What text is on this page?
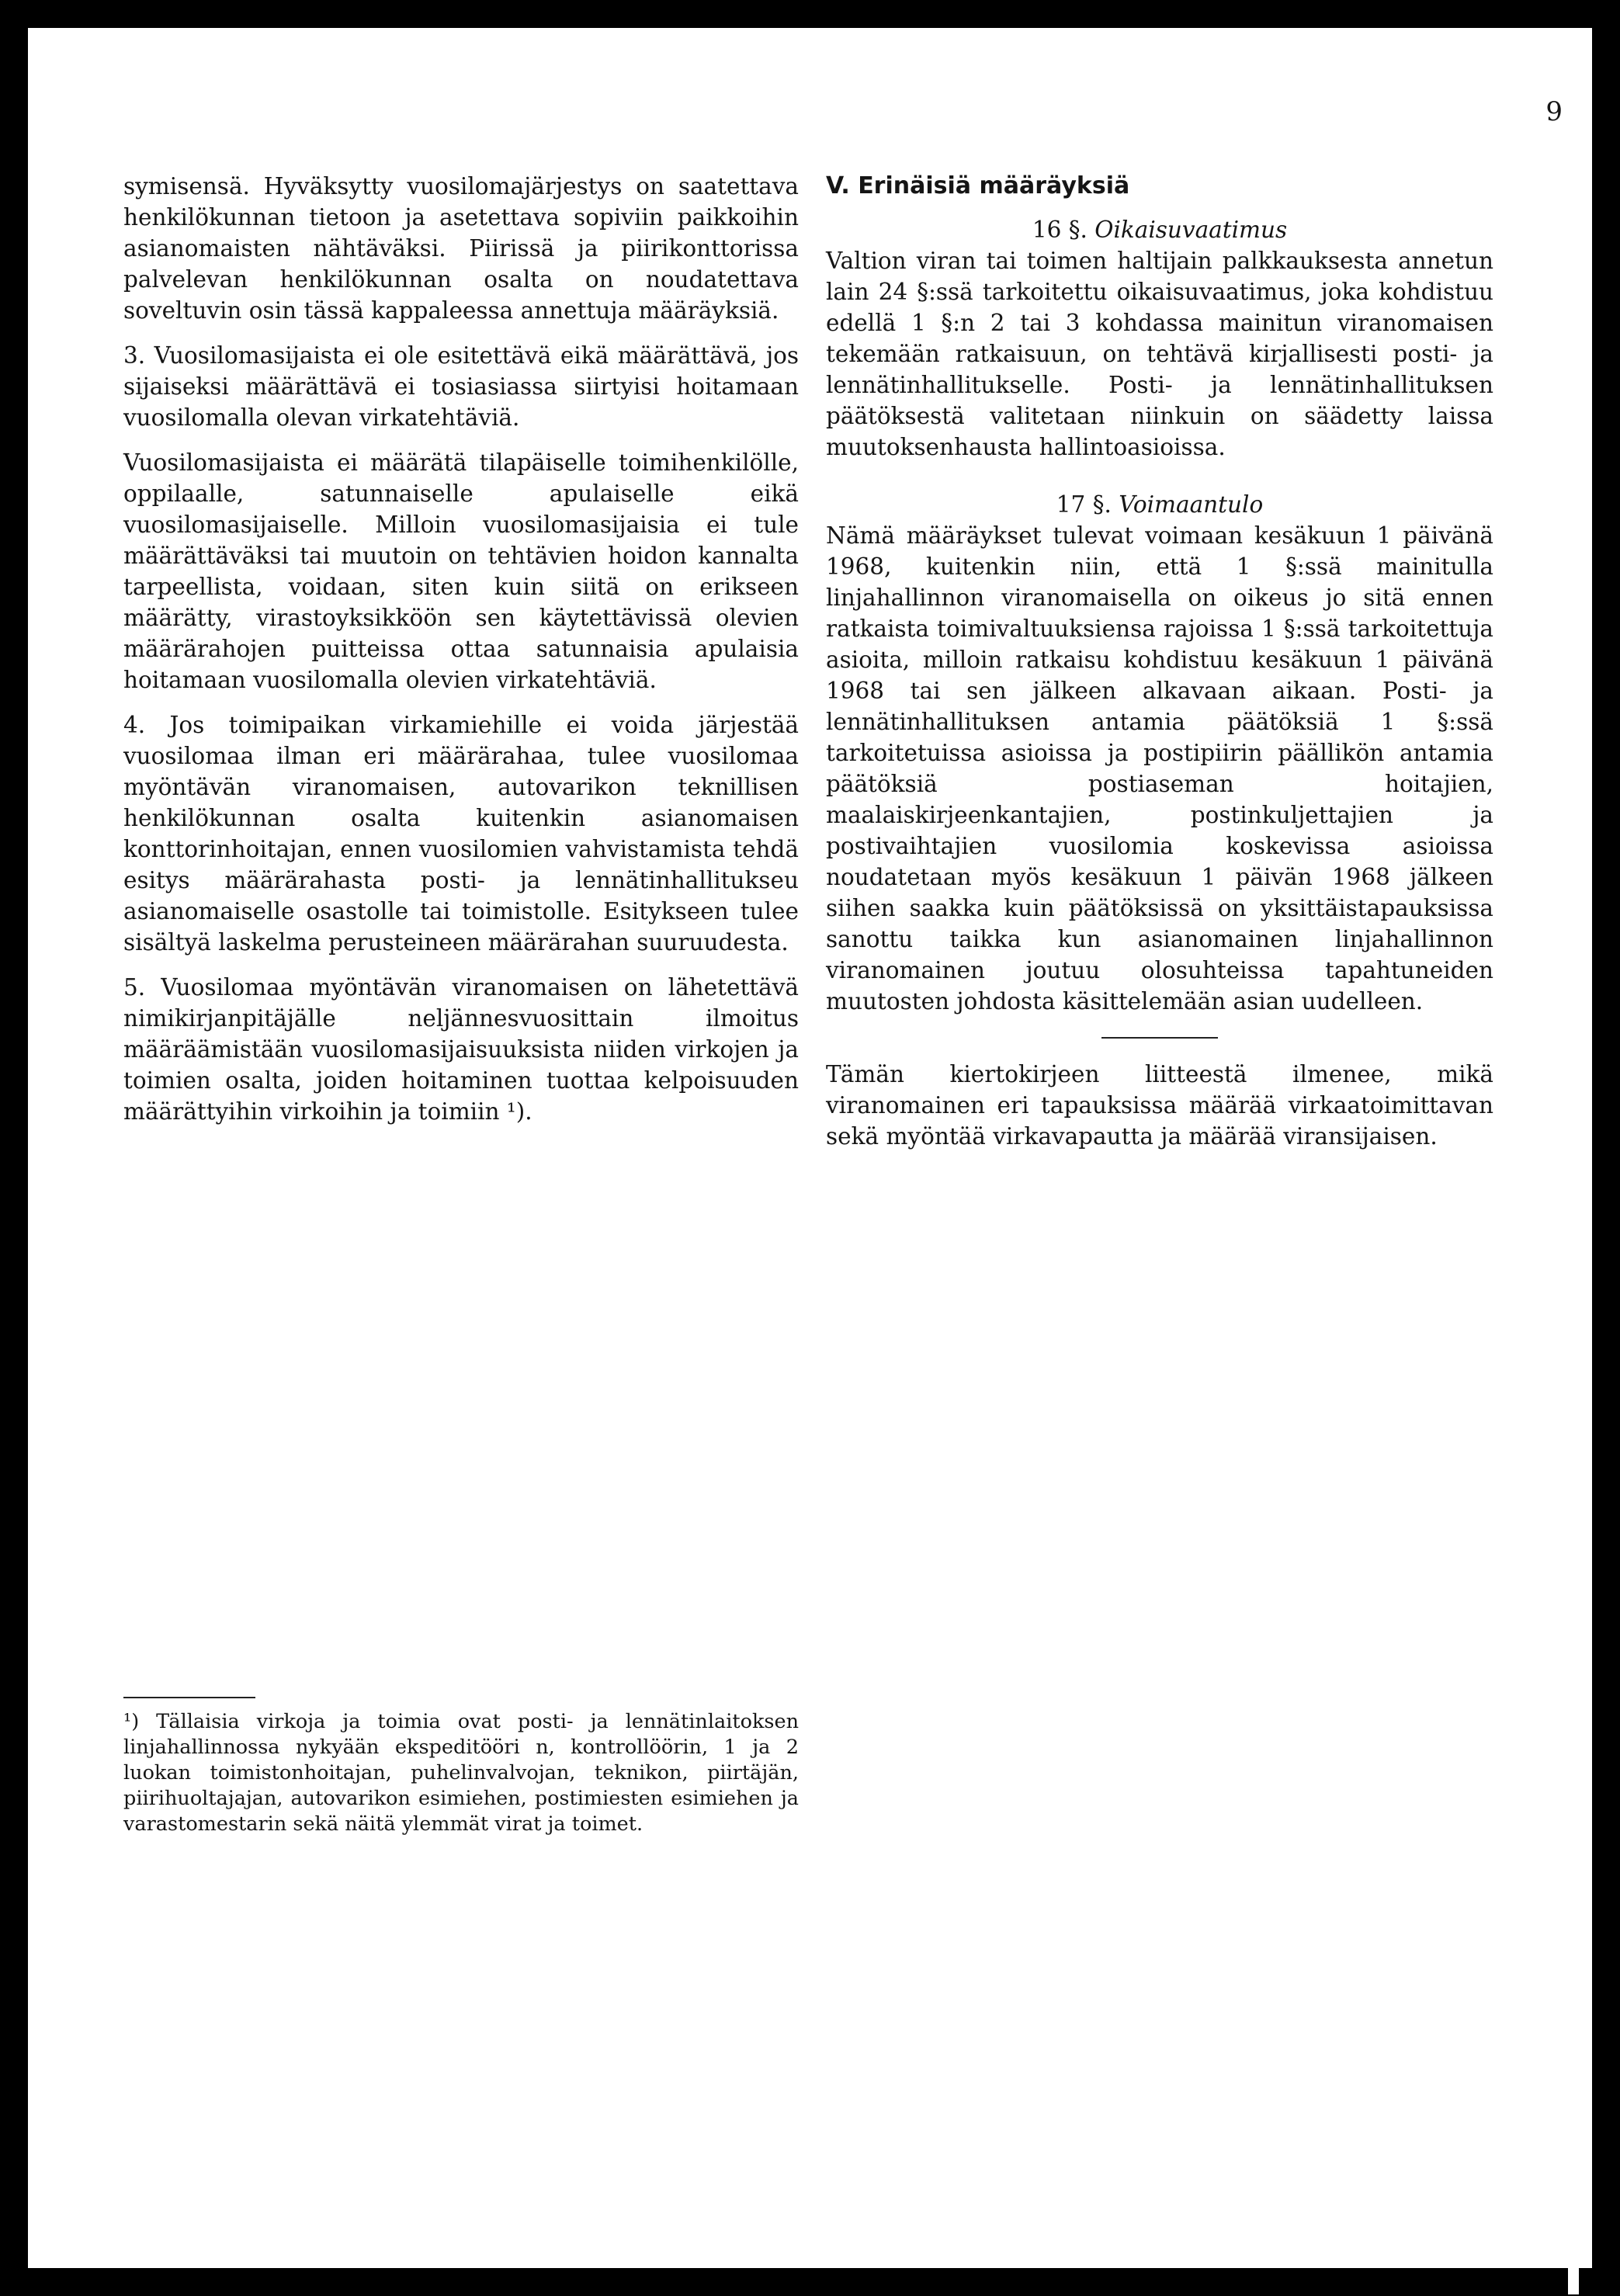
9

symisensä. Hyväksytty vuosilomajärjestys on saatettava henkilökunnan tietoon ja asetettava sopiviin paikkoihin asianomaisten nähtäväksi. Piirissä ja piirikonttorissa palvelevan henkilökunnan osalta on noudatettava soveltuvin osin tässä kappaleessa annettuja määräyksiä.

3. Vuosilomasijaista ei ole esitettävä eikä määrättävä, jos sijaiseksi määrättävä ei tosiasiassa siirtyisi hoitamaan vuosilomalla olevan virkatehtäviä.

Vuosilomasijaista ei määrätä tilapäiselle toimihenkilölle, oppilaalle, satunnaiselle apulaiselle eikä vuosilomasijaiselle. Milloin vuosilomasijaisia ei tule määrättäväksi tai muutoin on tehtävien hoidon kannalta tarpeellista, voidaan, siten kuin siitä on erikseen määrätty, virastoyksikköön sen käytettävissä olevien määrärahojen puitteissa ottaa satunnaisia apulaisia hoitamaan vuosilomalla olevien virkatehtäviä.

4. Jos toimipaikan virkamiehille ei voida järjestää vuosilomaa ilman eri määrärahaa, tulee vuosilomaa myöntävän viranomaisen, autovarikon teknillisen henkilökunnan osalta kuitenkin asianomaisen konttorinhoitajan, ennen vuosilomien vahvistamista tehdä esitys määrärahasta posti- ja lennätinhallitukseu asianomaiselle osastolle tai toimistolle. Esitykseen tulee sisältyä laskelma perusteineen määrärahan suuruudesta.

5. Vuosilomaa myöntävän viranomaisen on lähetettävä nimikirjanpitäjälle neljännesvuosittain ilmoitus määräämistään vuosilomasijaisuuksista niiden virkojen ja toimien osalta, joiden hoitaminen tuottaa kelpoisuuden määrättyihin virkoihin ja toimiin ¹).

¹) Tällaisia virkoja ja toimia ovat posti- ja lennätinlaitoksen linjahallinnossa nykyään ekspeditööri n, kontrollöörin, 1 ja 2 luokan toimistonhoitajan, puhelinvalvojan, teknikon, piirtäjän, piirihuoltajajan, autovarikon esimiehen, postimiesten esimiehen ja varastomestarin sekä näitä ylemmät virat ja toimet.

V. Erinäisiä määräyksiä

16 §. Oikaisuvaatimus

Valtion viran tai toimen haltijain palkkauksesta annetun lain 24 §:ssä tarkoitettu oikaisuvaatimus, joka kohdistuu edellä 1 §:n 2 tai 3 kohdassa mainitun viranomaisen tekemään ratkaisuun, on tehtävä kirjallisesti posti- ja lennätinhallitukselle. Posti- ja lennätinhallituksen päätöksestä valitetaan niinkuin on säädetty laissa muutoksenhausta hallintoasioissa.

17 §. Voimaantulo

Nämä määräykset tulevat voimaan kesäkuun 1 päivänä 1968, kuitenkin niin, että 1 §:ssä mainitulla linjahallinnon viranomaisella on oikeus jo sitä ennen ratkaista toimivaltuuksiensa rajoissa 1 §:ssä tarkoitettuja asioita, milloin ratkaisu kohdistuu kesäkuun 1 päivänä 1968 tai sen jälkeen alkavaan aikaan. Posti- ja lennätinhallituksen antamia päätöksiä 1 §:ssä tarkoitetuissa asioissa ja postipiirin päällikön antamia päätöksiä postiaseman hoitajien, maalaiskirjeenkantajien, postinkuljettajien ja postivaihtajien vuosilomia koskevissa asioissa noudatetaan myös kesäkuun 1 päivän 1968 jälkeen siihen saakka kuin päätöksissä on yksittäistapauksissa sanottu taikka kun asianomainen linjahallinnon viranomainen joutuu olosuhteissa tapahtuneiden muutosten johdosta käsittelemään asian uudelleen.

Tämän kiertokirjeen liitteestä ilmenee, mikä viranomainen eri tapauksissa määrää virkaatoimittavan sekä myöntää virkavapautta ja määrää viransijaisen.
